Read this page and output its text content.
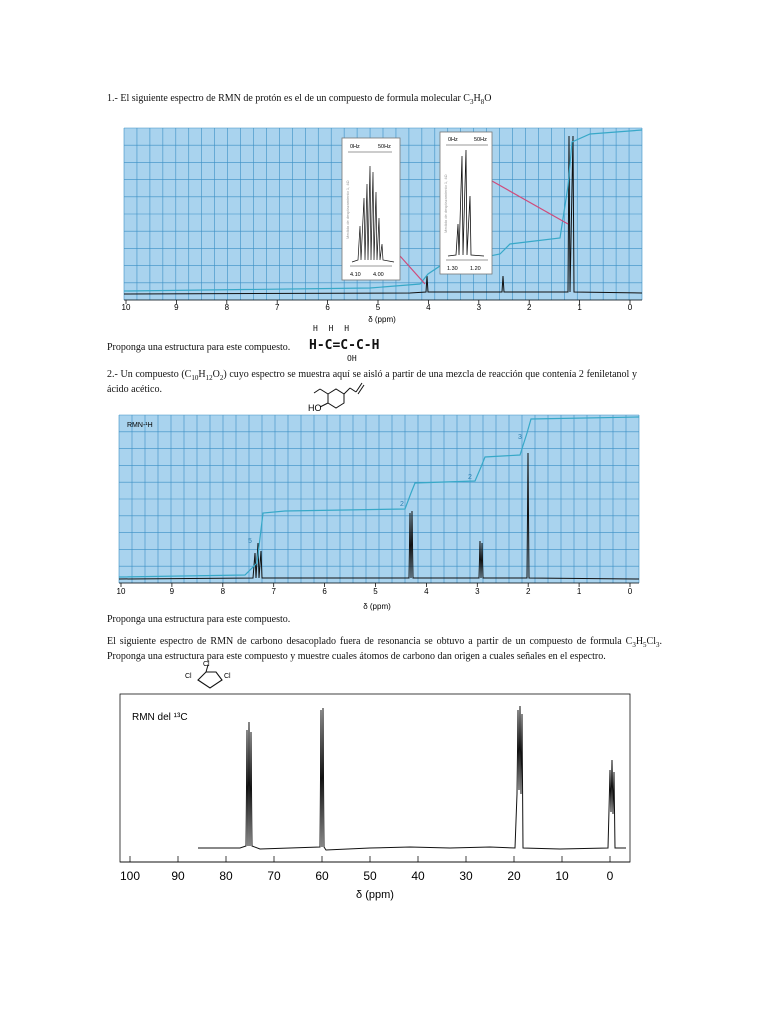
1.- El siguiente espectro de RMN de protón es el de un compuesto de formula molecular $C_3H_8O$
0Hz	50Hz
Medida de desplazamiento 1, 4Ω
4.10 4.00
0Hz	50Hz
Medida de desplazamiento 1, 4Ω
1.30 1.20
10	9	8	7	6	5	4	3	2	1	0
δ (ppm)
Proponga una estructura para este compuesto.
H H H
H-C=C-C-H
OH
2.- Un compuesto $(C_{10}H_{12}O_2)$ cuyo espectro se muestra aquí se aisló a partir de una mezcla de reacción que contenía 2 feniletanol y ácido acético.
HO
RMN-¹H
5
2
2
3
10	9	8	7	6	5	4	3	2	1	0
δ (ppm)
Proponga una estructura para este compuesto.
El siguiente espectro de RMN de carbono desacoplado fuera de resonancia se obtuvo a partir de un compuesto de formula $C_3H_5Cl_3$. Proponga una estructura para este compuesto y muestre cuales átomos de carbono dan origen a cuales señales en el espectro.
Cl
Cl
Cl
RMN del ¹³C
100	90	80	70	60	50	40	30	20	10	0
δ (ppm)
